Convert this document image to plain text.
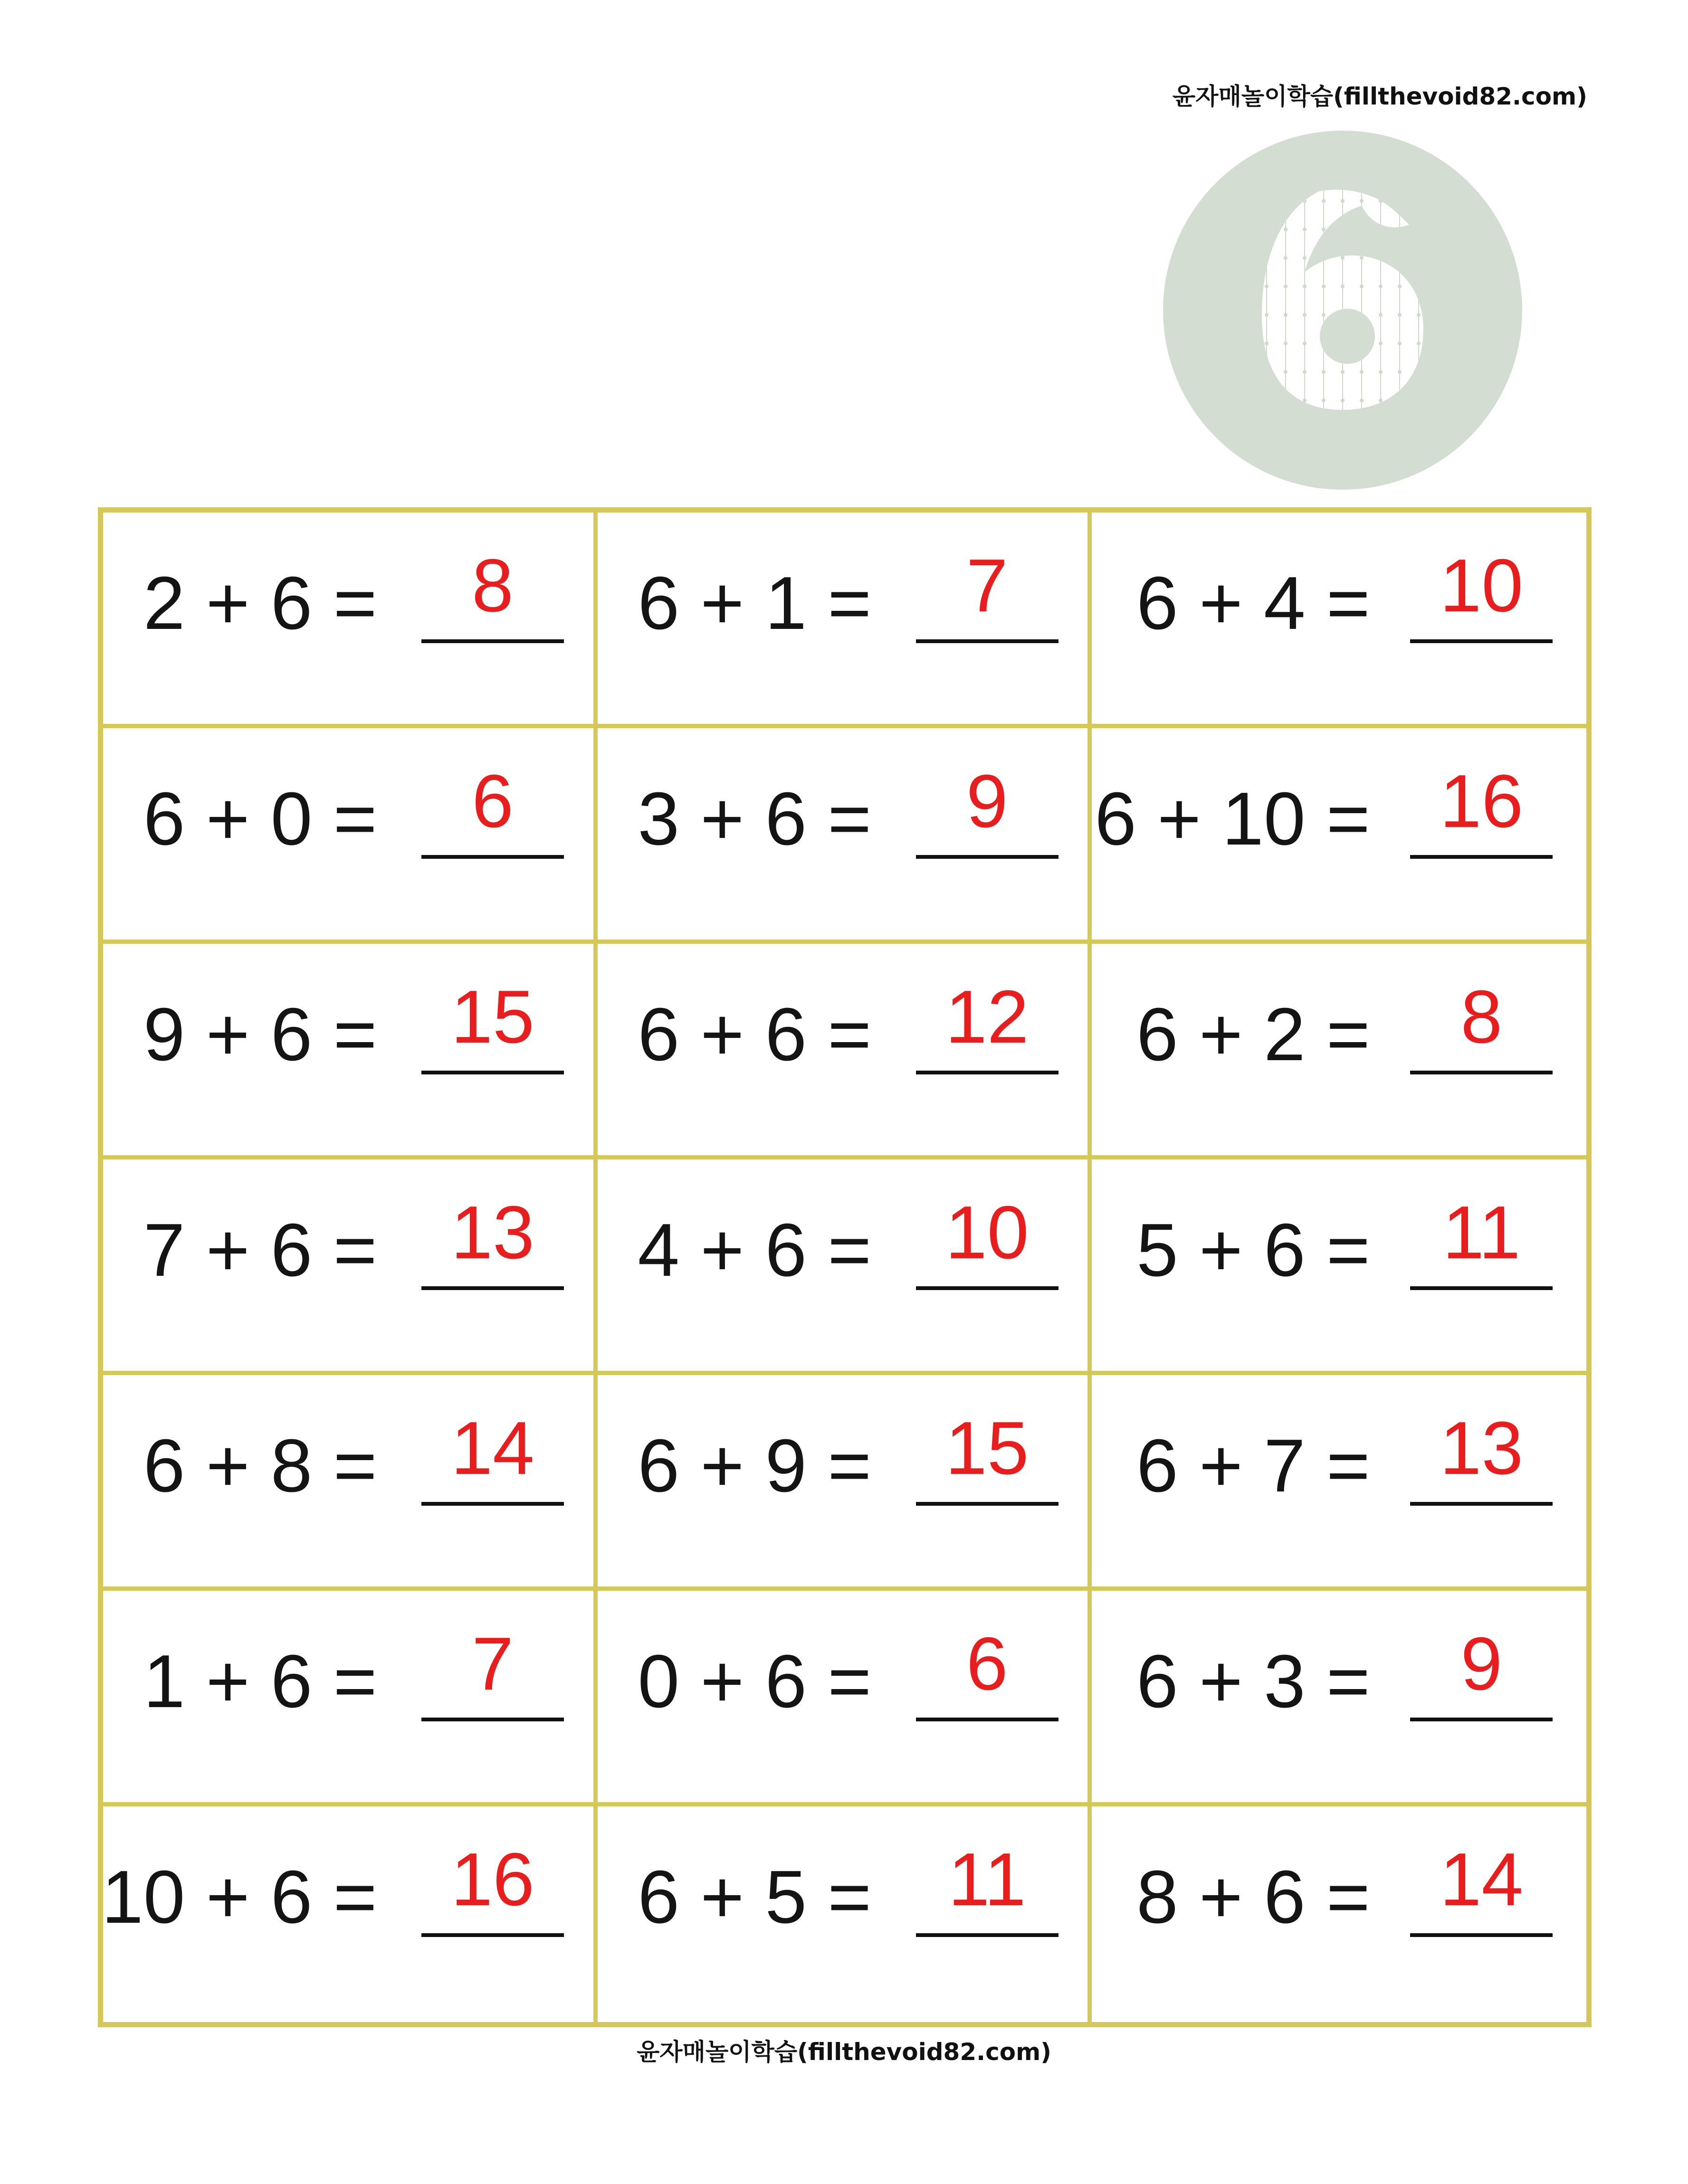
윤자매놀이학습(fillthevoid82.com)
2 + 6 =	8	6 + 1 =	7	6 + 4 = 10
6 + 0 =	6	3 + 6 =	9	6 + 10 = 16
9 + 6 = 15	6 + 6 = 12	6 + 2 =	8
7 + 6 = 13	4 + 6 = 10	5 + 6 = 11
6 + 8 = 14	6 + 9 = 15	6 + 7 = 13
1 + 6 =	7	0 + 6 =	6	6 + 3 =	9
10 + 6 = 16	6 + 5 =	11	8 + 6 = 14
윤자매놀이학습(fillthevoid82.com)
